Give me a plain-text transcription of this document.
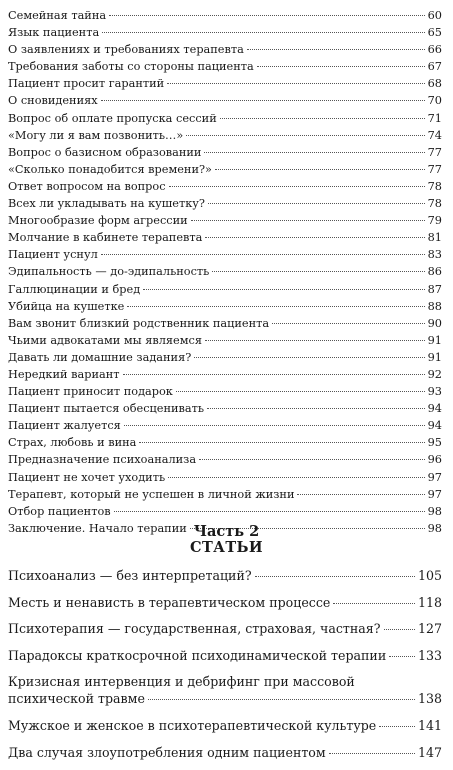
Семейная тайна	60
Язык пациента	65
О заявлениях и требованиях терапевта	66
Требования заботы со стороны пациента	67
Пациент просит гарантий	68
О сновидениях	70
Вопрос об оплате пропуска сессий	71
«Могу ли я вам позвонить…»	74
Вопрос о базисном образовании	77
«Сколько понадобится времени?»	77
Ответ вопросом на вопрос	78
Всех ли укладывать на кушетку?	78
Многообразие форм агрессии	79
Молчание в кабинете терапевта	81
Пациент уснул	83
Эдипальность — до-эдипальность	86
Галлюцинации и бред	87
Убийца на кушетке	88
Вам звонит близкий родственник пациента	90
Чьими адвокатами мы являемся	91
Давать ли домашние задания?	91
Нередкий вариант	92
Пациент приносит подарок	93
Пациент пытается обесценивать	94
Пациент жалуется	94
Страх, любовь и вина	95
Предназначение психоанализа	96
Пациент не хочет уходить	97
Терапевт, который не успешен в личной жизни	97
Отбор пациентов	98
Заключение. Начало терапии	98
Часть 2
СТАТЬИ
Психоанализ — без интерпретаций?	105
Месть и ненависть в терапевтическом процессе	118
Психотерапия — государственная, страховая, частная?	127
Парадоксы краткосрочной психодинамической терапии	133
Кризисная интервенция и дебрифинг при массовой
психической травме	138
Мужское и женское в психотерапевтической культуре	141
Два случая злоупотребления одним пациентом	147
